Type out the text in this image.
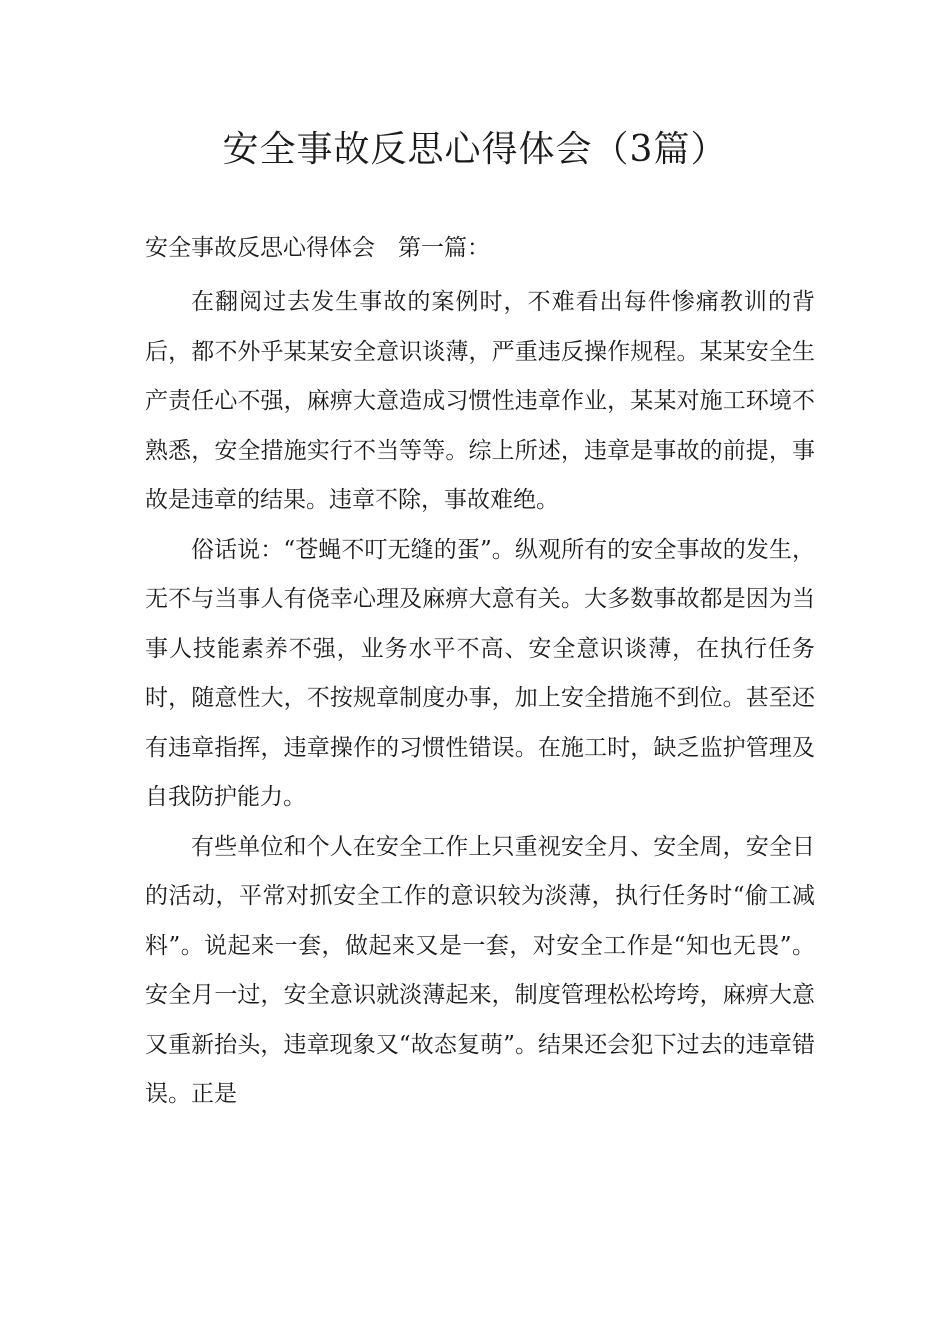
安全事故反思心得体会（3篇）
安全事故反思心得体会　第一篇：

在翻阅过去发生事故的案例时，不难看出每件惨痛教训的背后，都不外乎某某安全意识谈薄，严重违反操作规程。某某安全生产责任心不强，麻痹大意造成习惯性违章作业，某某对施工环境不熟悉，安全措施实行不当等等。综上所述，违章是事故的前提，事故是违章的结果。违章不除，事故难绝。

俗话说：“苍蝇不叮无缝的蛋”。纵观所有的安全事故的发生，无不与当事人有侥幸心理及麻痹大意有关。大多数事故都是因为当事人技能素养不强，业务水平不高、安全意识谈薄，在执行任务时，随意性大，不按规章制度办事，加上安全措施不到位。甚至还有违章指挥，违章操作的习惯性错误。在施工时，缺乏监护管理及自我防护能力。

有些单位和个人在安全工作上只重视安全月、安全周，安全日的活动，平常对抓安全工作的意识较为淡薄，执行任务时“偷工减料”。说起来一套，做起来又是一套，对安全工作是“知也无畏”。安全月一过，安全意识就淡薄起来，制度管理松松垮垮，麻痹大意又重新抬头，违章现象又“故态复萌”。结果还会犯下过去的违章错误。正是
